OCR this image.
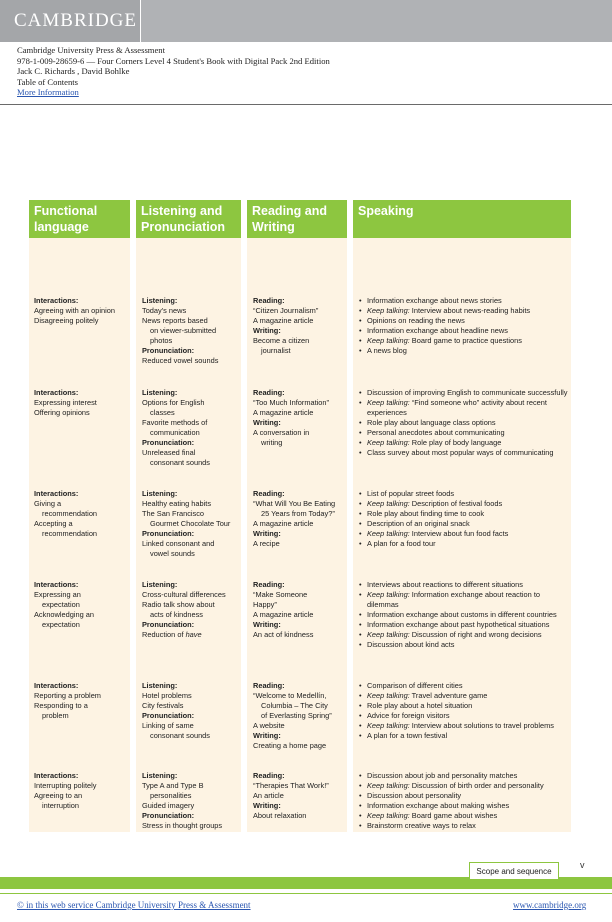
CAMBRIDGE
Cambridge University Press & Assessment
978-1-009-28659-6 — Four Corners Level 4 Student's Book with Digital Pack 2nd Edition
Jack C. Richards , David Bohlke
Table of Contents
More Information
Functional language
Listening and Pronunciation
Reading and Writing
Speaking
Interactions:
Agreeing with an opinion
Disagreeing politely
Listening:
Today's news
News reports based
on viewer-submitted
photos
Pronunciation:
Reduced vowel sounds
Reading:
“Citizen Journalism”
A magazine article
Writing:
Become a citizen
journalist
• Information exchange about news stories
• Keep talking: Interview about news-reading habits
• Opinions on reading the news
• Information exchange about headline news
• Keep talking: Board game to practice questions
• A news blog
Interactions:
Expressing interest
Offering opinions
Listening:
Options for English
classes
Favorite methods of
communication
Pronunciation:
Unreleased final
consonant sounds
Reading:
“Too Much Information”
A magazine article
Writing:
A conversation in
writing
• Discussion of improving English to communicate successfully
• Keep talking: “Find someone who” activity about recent experiences
• Role play about language class options
• Personal anecdotes about communicating
• Keep talking: Role play of body language
• Class survey about most popular ways of communicating
Interactions:
Giving a
recommendation
Accepting a
recommendation
Listening:
Healthy eating habits
The San Francisco
Gourmet Chocolate Tour
Pronunciation:
Linked consonant and
vowel sounds
Reading:
“What Will You Be Eating
25 Years from Today?”
A magazine article
Writing:
A recipe
• List of popular street foods
• Keep talking: Description of festival foods
• Role play about finding time to cook
• Description of an original snack
• Keep talking: Interview about fun food facts
• A plan for a food tour
Interactions:
Expressing an
expectation
Acknowledging an
expectation
Listening:
Cross-cultural differences
Radio talk show about
acts of kindness
Pronunciation:
Reduction of have
Reading:
“Make Someone
Happy”
A magazine article
Writing:
An act of kindness
• Interviews about reactions to different situations
• Keep talking: Information exchange about reaction to dilemmas
• Information exchange about customs in different countries
• Information exchange about past hypothetical situations
• Keep talking: Discussion of right and wrong decisions
• Discussion about kind acts
Interactions:
Reporting a problem
Responding to a
problem
Listening:
Hotel problems
City festivals
Pronunciation:
Linking of same
consonant sounds
Reading:
“Welcome to Medellín,
Columbia – The City
of Everlasting Spring”
A website
Writing:
Creating a home page
• Comparison of different cities
• Keep talking: Travel adventure game
• Role play about a hotel situation
• Advice for foreign visitors
• Keep talking: Interview about solutions to travel problems
• A plan for a town festival
Interactions:
Interrupting politely
Agreeing to an
interruption
Listening:
Type A and Type B
personalities
Guided imagery
Pronunciation:
Stress in thought groups
Reading:
“Therapies That Work!”
An article
Writing:
About relaxation
• Discussion about job and personality matches
• Keep talking: Discussion of birth order and personality
• Discussion about personality
• Information exchange about making wishes
• Keep talking: Board game about wishes
• Brainstorm creative ways to relax
v
Scope and sequence
© in this web service Cambridge University Press & Assessment	www.cambridge.org
